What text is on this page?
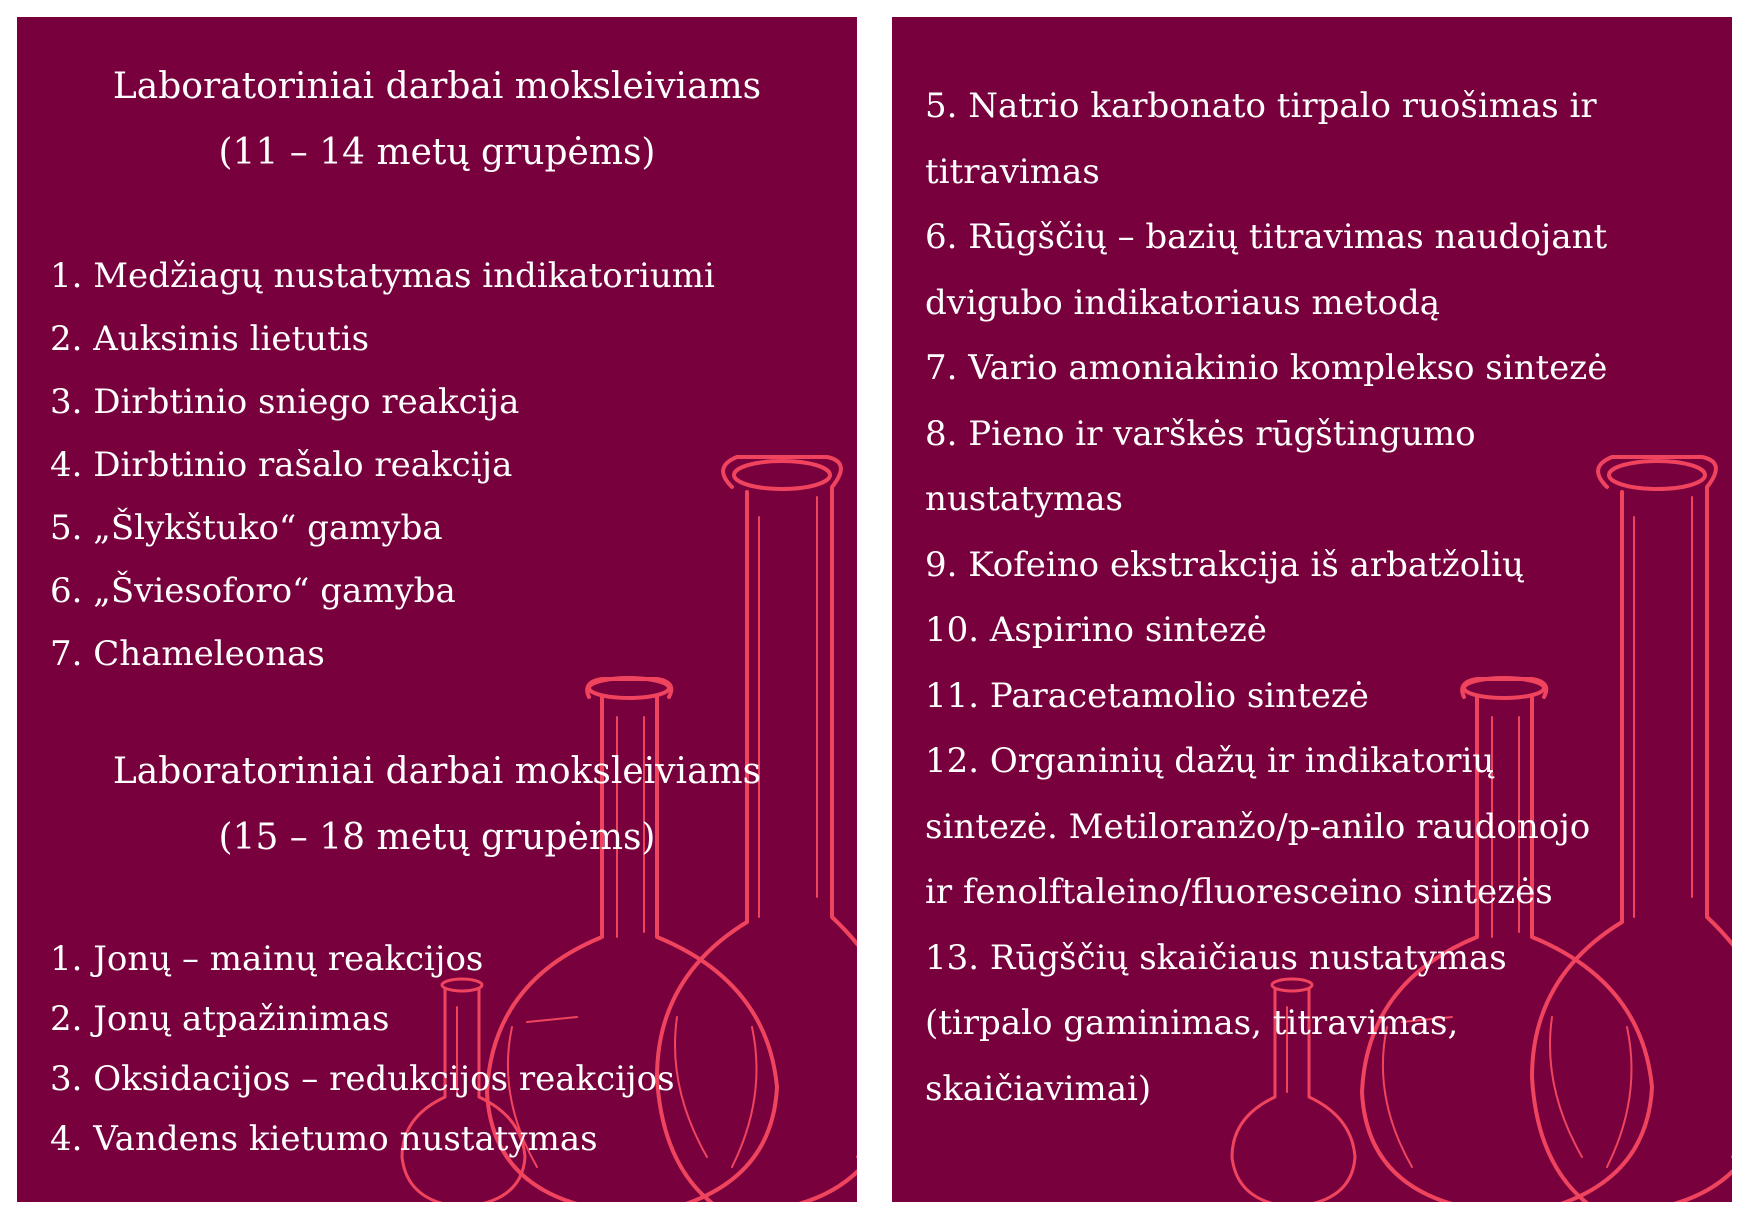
Laboratoriniai darbai moksleiviams
(11 – 14 metų grupėms)
1. Medžiagų nustatymas indikatoriumi
2. Auksinis lietutis
3. Dirbtinio sniego reakcija
4. Dirbtinio rašalo reakcija
5. „Šlykštuko“ gamyba
6. „Šviesoforo“ gamyba
7. Chameleonas
Laboratoriniai darbai moksleiviams
(15 – 18 metų grupėms)
1. Jonų – mainų reakcijos
2. Jonų atpažinimas
3. Oksidacijos – redukcijos reakcijos
4. Vandens kietumo nustatymas
5. Natrio karbonato tirpalo ruošimas ir
titravimas
6. Rūgščių – bazių titravimas naudojant
dvigubo indikatoriaus metodą
7. Vario amoniakinio komplekso sintezė
8. Pieno ir varškės rūgštingumo
nustatymas
9. Kofeino ekstrakcija iš arbatžolių
10. Aspirino sintezė
11. Paracetamolio sintezė
12. Organinių dažų ir indikatorių
sintezė. Metiloranžo/p-anilo raudonojo
ir fenolftaleino/fluoresceino sintezės
13. Rūgščių skaičiaus nustatymas
(tirpalo gaminimas, titravimas,
skaičiavimai)
